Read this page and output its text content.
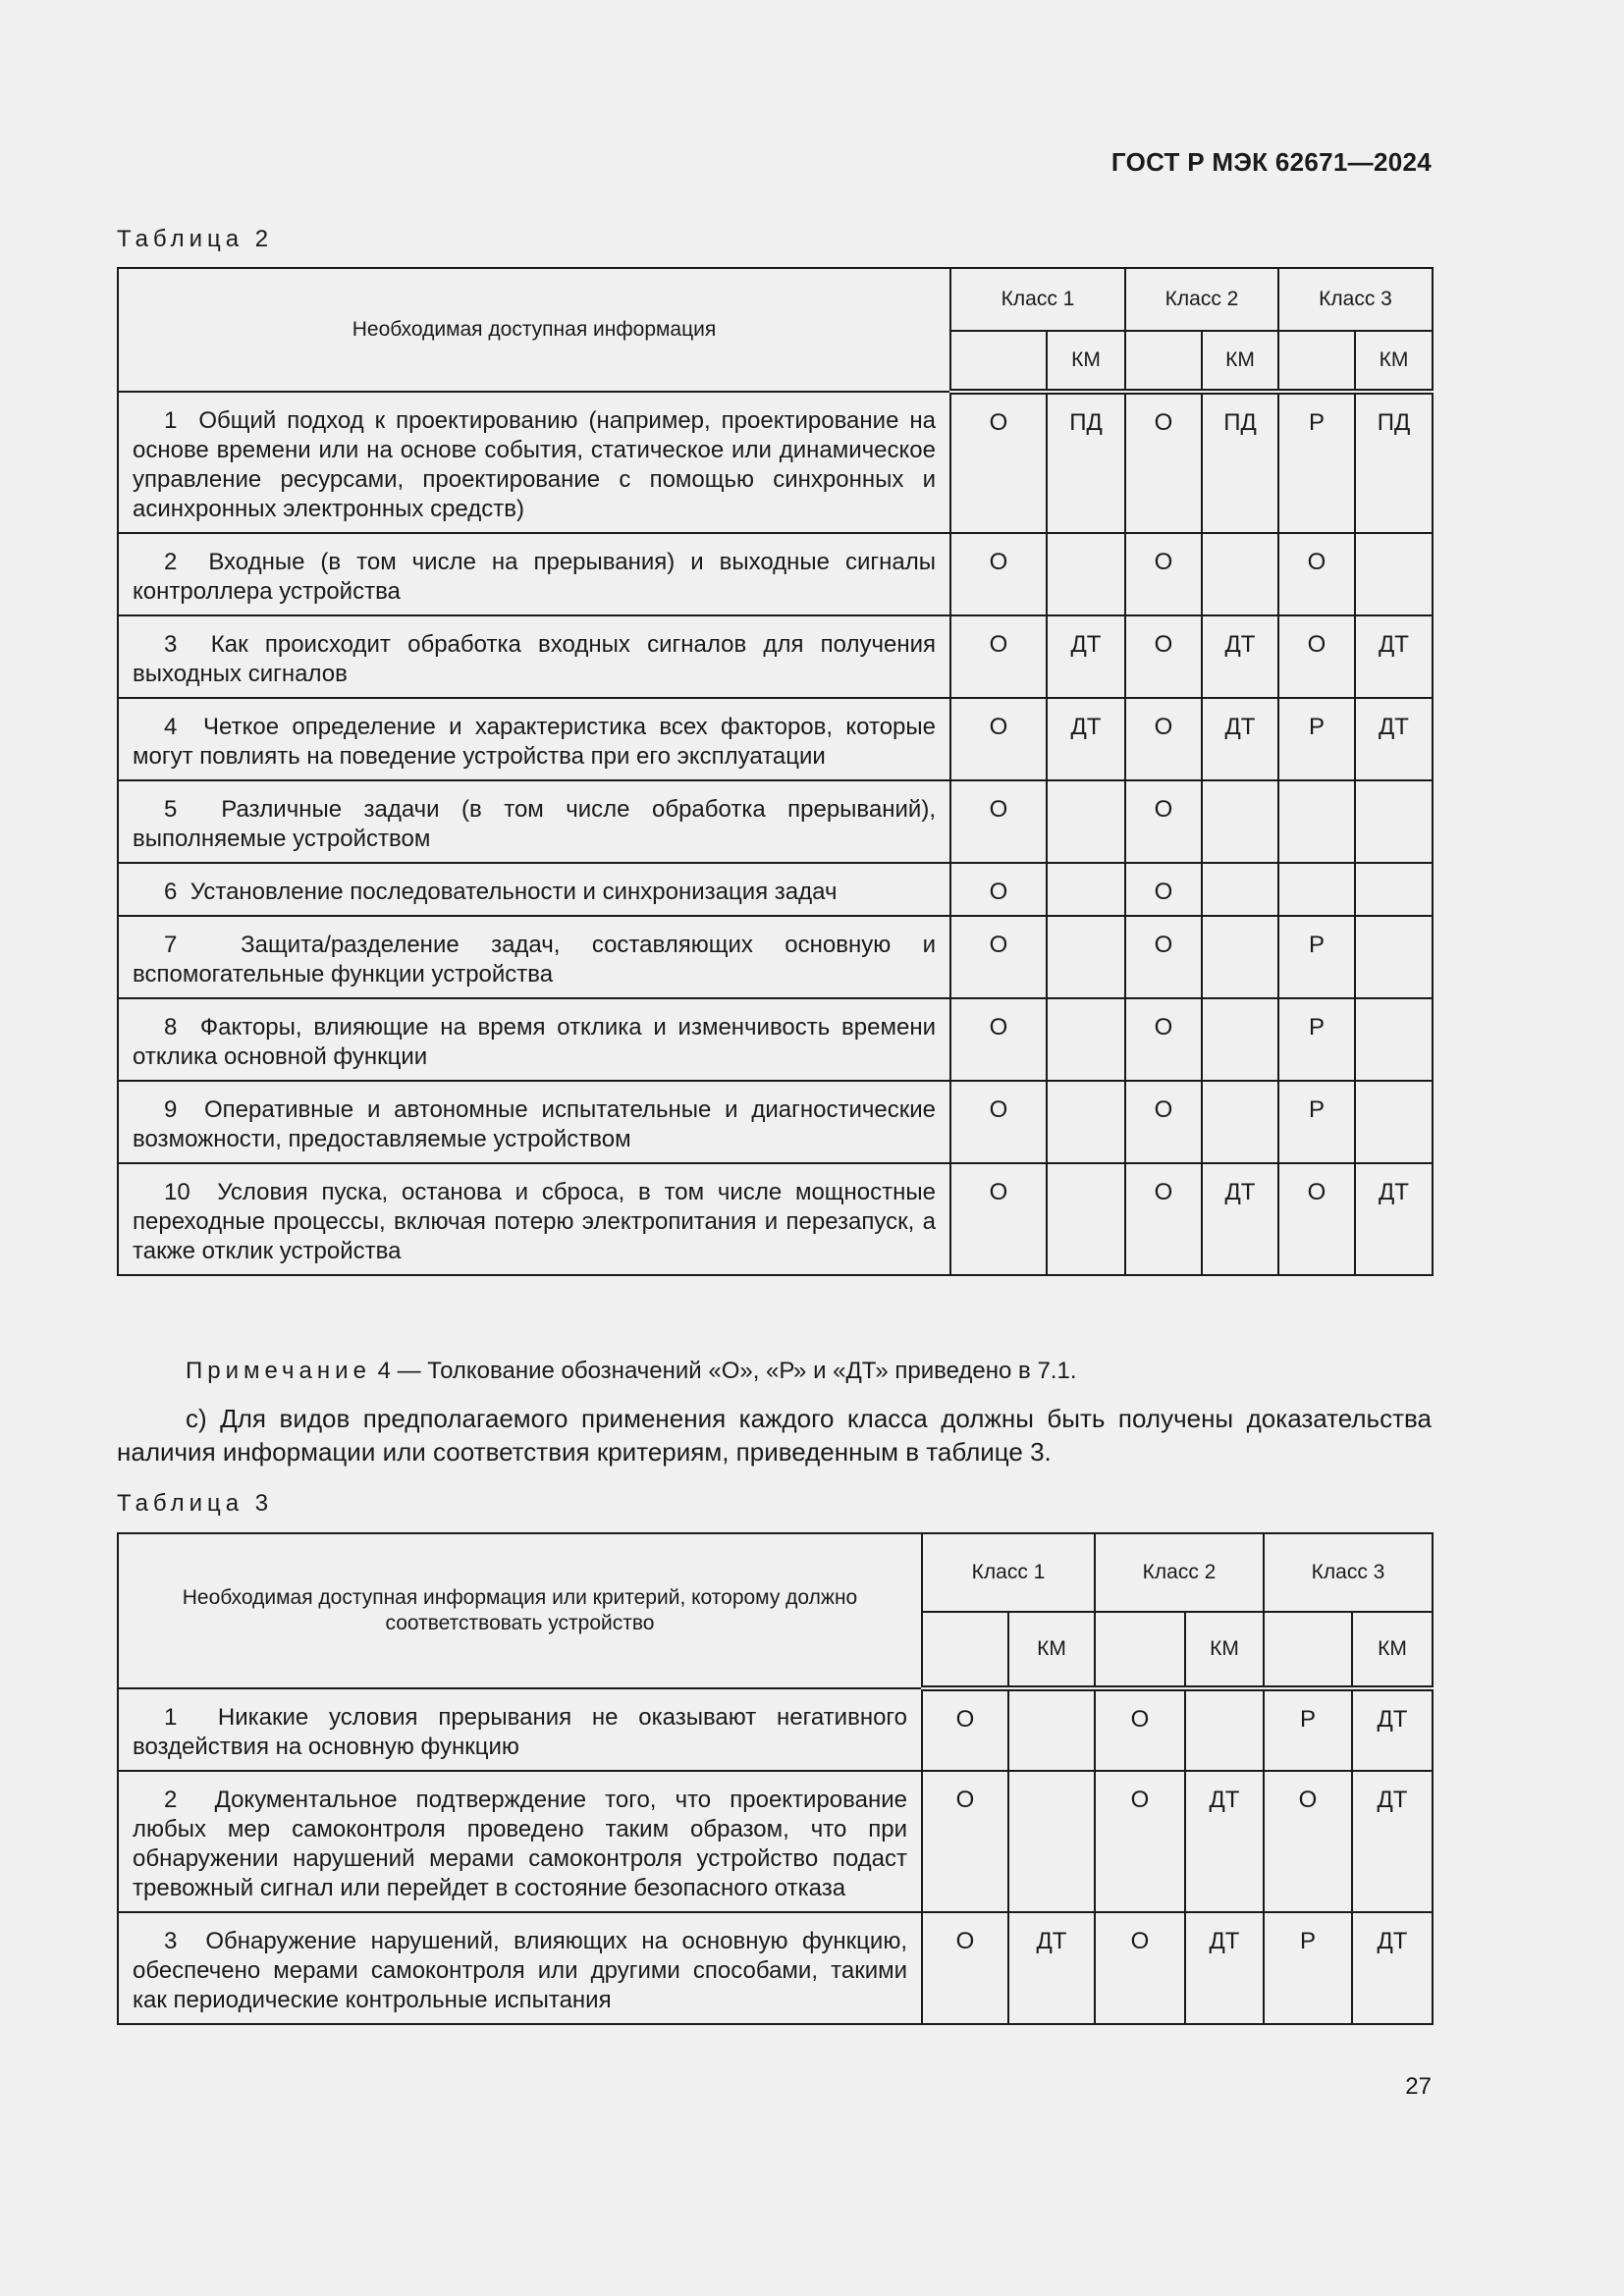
ГОСТ Р МЭК 62671—2024
Таблица 2
Необходимая доступная информация	Класс 1		Класс 2		Класс 3	
		КМ		КМ		КМ
1 Общий подход к проектированию (например, проектирование на основе времени или на основе события, статическое или динамическое управление ресурсами, проектирование с помощью синхронных и асинхронных электронных средств)	О	ПД	О	ПД	Р	ПД
2 Входные (в том числе на прерывания) и выходные сигналы контроллера устройства	О		О		О	
3 Как происходит обработка входных сигналов для получения выходных сигналов	О	ДТ	О	ДТ	О	ДТ
4 Четкое определение и характеристика всех факторов, которые могут повлиять на поведение устройства при его эксплуатации	О	ДТ	О	ДТ	Р	ДТ
5 Различные задачи (в том числе обработка прерываний), выполняемые устройством	О		О			
6 Установление последовательности и синхронизация задач	О		О			
7 Защита/разделение задач, составляющих основную и вспомогательные функции устройства	О		О		Р	
8 Факторы, влияющие на время отклика и изменчивость времени отклика основной функции	О		О		Р	
9 Оперативные и автономные испытательные и диагностические возможности, предоставляемые устройством	О		О		Р	
10 Условия пуска, останова и сброса, в том числе мощностные переходные процессы, включая потерю электропитания и перезапуск, а также отклик устройства	О		О	ДТ	О	ДТ
Примечание 4 — Толкование обозначений «О», «Р» и «ДТ» приведено в 7.1.
с) Для видов предполагаемого применения каждого класса должны быть получены доказательства наличия информации или соответствия критериям, приведенным в таблице 3.
Таблица 3
Необходимая доступная информация или критерий, которому должно соответствовать устройство	Класс 1		Класс 2		Класс 3	
		КМ		КМ		КМ
1 Никакие условия прерывания не оказывают негативного воздействия на основную функцию	О		О		Р	ДТ
2 Документальное подтверждение того, что проектирование любых мер самоконтроля проведено таким образом, что при обнаружении нарушений мерами самоконтроля устройство подаст тревожный сигнал или перейдет в состояние безопасного отказа	О		О	ДТ	О	ДТ
3 Обнаружение нарушений, влияющих на основную функцию, обеспечено мерами самоконтроля или другими способами, такими как периодические контрольные испытания	О	ДТ	О	ДТ	Р	ДТ
27
